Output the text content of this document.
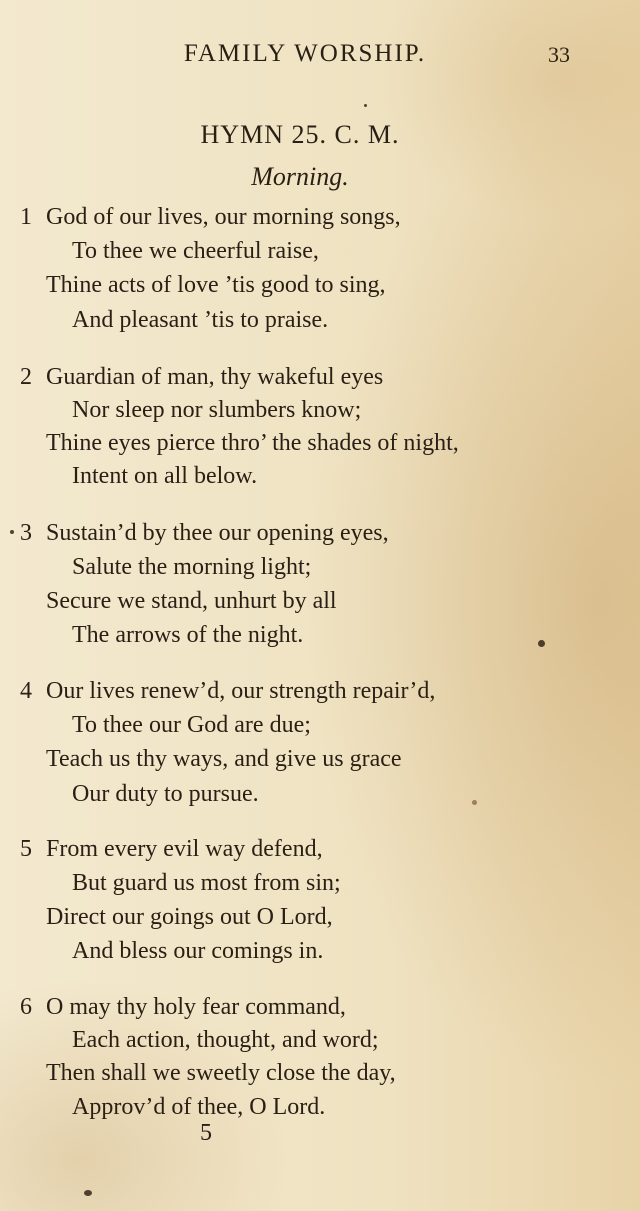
FAMILY WORSHIP.	33
HYMN 25. C. M.
Morning.
1 God of our lives, our morning songs,
To thee we cheerful raise,
Thine acts of love ’tis good to sing,
And pleasant ’tis to praise.
2 Guardian of man, thy wakeful eyes
Nor sleep nor slumbers know;
Thine eyes pierce thro’ the shades of night,
Intent on all below.
3 Sustain’d by thee our opening eyes,
Salute the morning light;
Secure we stand, unhurt by all
The arrows of the night.
4 Our lives renew’d, our strength repair’d,
To thee our God are due;
Teach us thy ways, and give us grace
Our duty to pursue.
5 From every evil way defend,
But guard us most from sin;
Direct our goings out O Lord,
And bless our comings in.
6 O may thy holy fear command,
Each action, thought, and word;
Then shall we sweetly close the day,
Approv’d of thee, O Lord.
5
